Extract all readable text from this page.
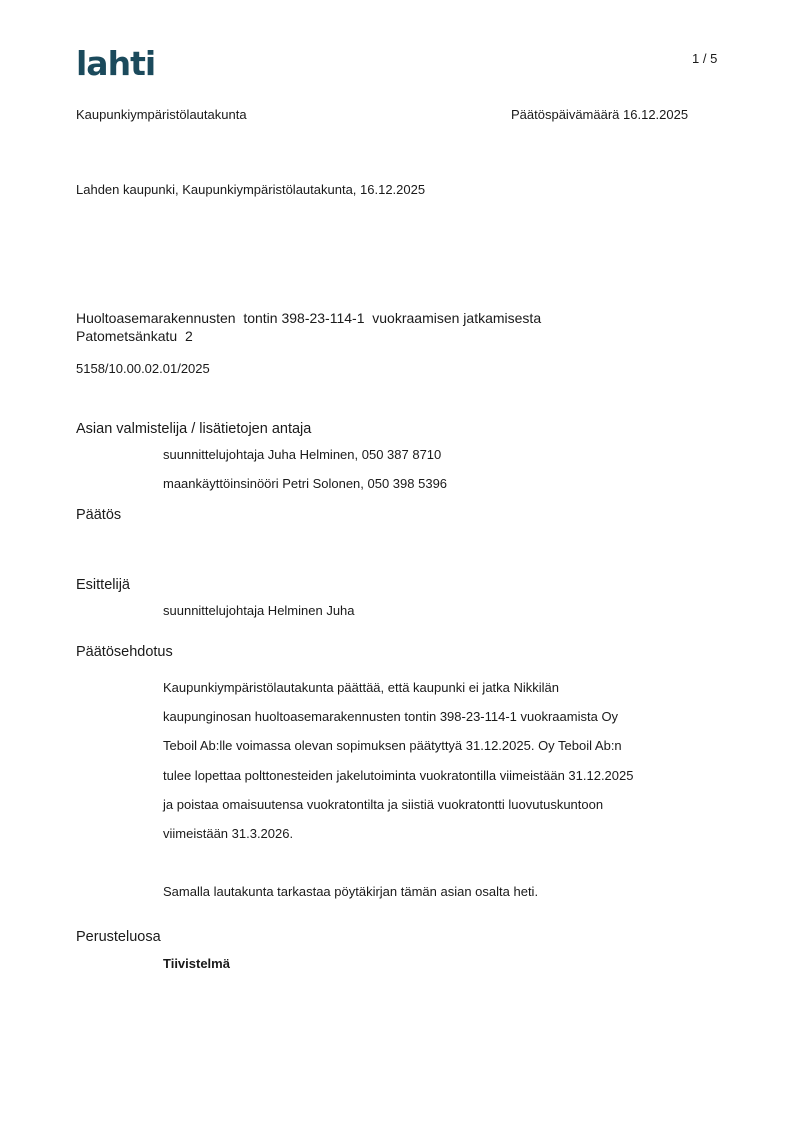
lahti	1 / 5
Kaupunkiympäristölautakunta	Päätöspäivämäärä 16.12.2025
Lahden kaupunki, Kaupunkiympäristölautakunta, 16.12.2025
Huoltoasemarakennusten  tontin 398-23-114-1  vuokraamisen jatkamisesta
Patometsänkatu  2
5158/10.00.02.01/2025
Asian valmistelija / lisätietojen antaja
suunnittelujohtaja Juha Helminen, 050 387 8710
maankäyttöinsinööri Petri Solonen, 050 398 5396
Päätös
Esittelijä
suunnittelujohtaja Helminen Juha
Päätösehdotus
Kaupunkiympäristölautakunta päättää, että kaupunki ei jatka Nikkilän
kaupunginosan huoltoasemarakennusten tontin 398-23-114-1 vuokraamista Oy
Teboil Ab:lle voimassa olevan sopimuksen päätyttyä 31.12.2025. Oy Teboil Ab:n
tulee lopettaa polttonesteiden jakelutoiminta vuokratontilla viimeistään 31.12.2025
ja poistaa omaisuutensa vuokratontilta ja siistiä vuokratontti luovutuskuntoon
viimeistään 31.3.2026.
Samalla lautakunta tarkastaa pöytäkirjan tämän asian osalta heti.
Perusteluosa
Tiivistelmä
